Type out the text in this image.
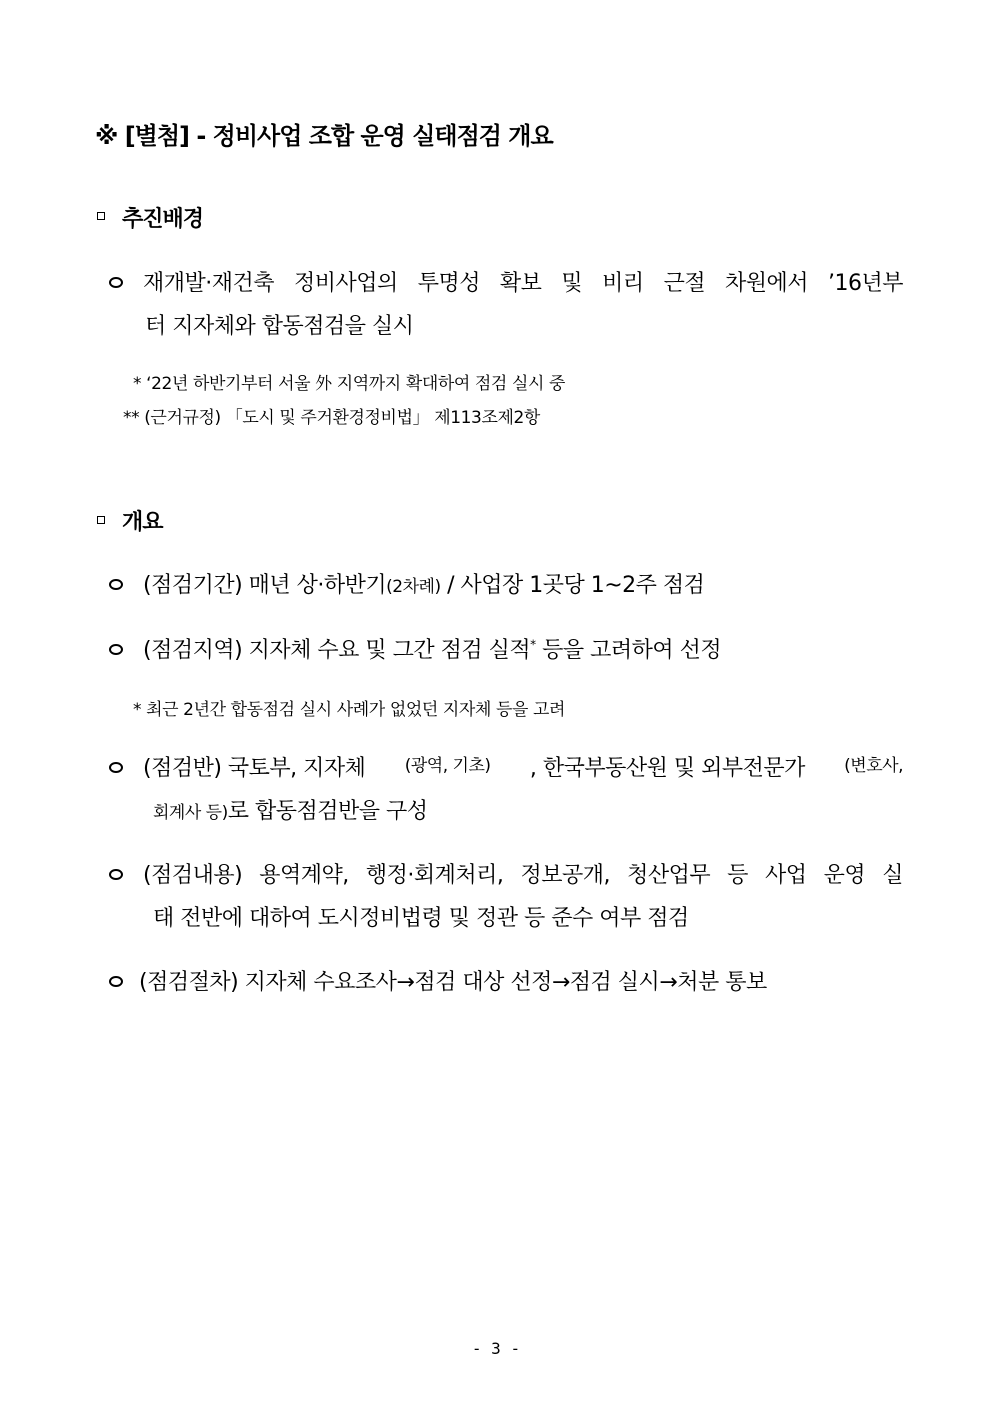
※ [별첨] - 정비사업 조합 운영 실태점검 개요
추진배경
재개발·재건축 정비사업의 투명성 확보 및 비리 근절 차원에서 ’16년부
터 지자체와 합동점검을 실시
* ‘22년 하반기부터 서울 外 지역까지 확대하여 점검 실시 중
** (근거규정) 「도시 및 주거환경정비법」 제113조제2항
개요
(점검기간) 매년 상·하반기(2차례) / 사업장 1곳당 1~2주 점검
(점검지역) 지자체 수요 및 그간 점검 실적* 등을 고려하여 선정
* 최근 2년간 합동점검 실시 사례가 없었던 지자체 등을 고려
(점검반) 국토부, 지자체 (광역, 기초) , 한국부동산원 및 외부전문가 (변호사,
회계사 등)로 합동점검반을 구성
(점검내용) 용역계약, 행정·회계처리, 정보공개, 청산업무 등 사업 운영 실
태 전반에 대하여 도시정비법령 및 정관 등 준수 여부 점검
(점검절차) 지자체 수요조사→점검 대상 선정→점검 실시→처분 통보
- 3 -
